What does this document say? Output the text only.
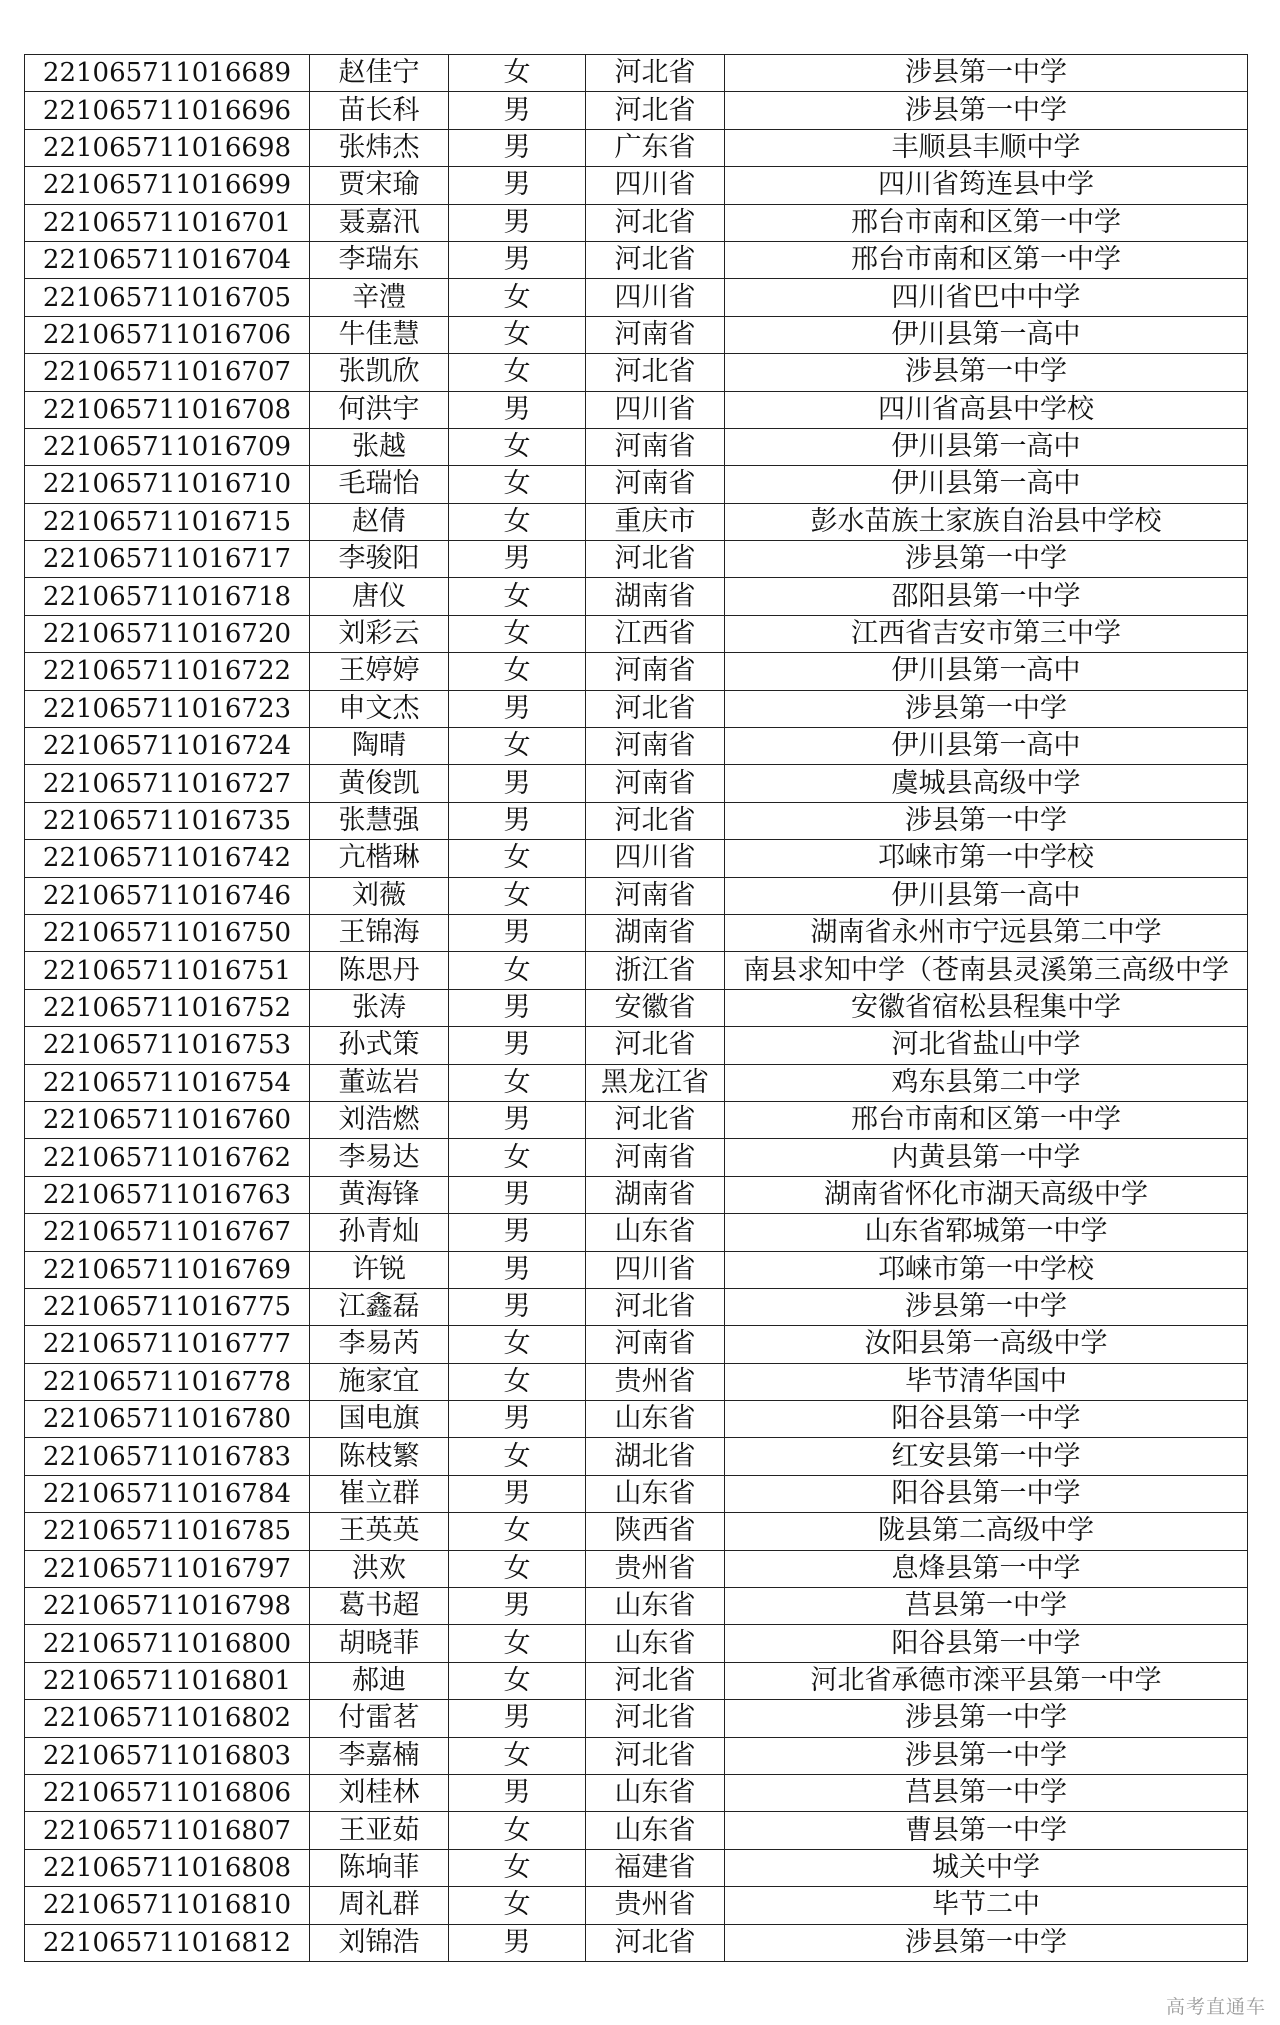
221065711016689	赵佳宁	女	河北省	涉县第一中学
221065711016696	苗长科	男	河北省	涉县第一中学
221065711016698	张炜杰	男	广东省	丰顺县丰顺中学
221065711016699	贾宋瑜	男	四川省	四川省筠连县中学
221065711016701	聂嘉汛	男	河北省	邢台市南和区第一中学
221065711016704	李瑞东	男	河北省	邢台市南和区第一中学
221065711016705	辛澧	女	四川省	四川省巴中中学
221065711016706	牛佳慧	女	河南省	伊川县第一高中
221065711016707	张凯欣	女	河北省	涉县第一中学
221065711016708	何洪宇	男	四川省	四川省高县中学校
221065711016709	张越	女	河南省	伊川县第一高中
221065711016710	毛瑞怡	女	河南省	伊川县第一高中
221065711016715	赵倩	女	重庆市	彭水苗族土家族自治县中学校
221065711016717	李骏阳	男	河北省	涉县第一中学
221065711016718	唐仪	女	湖南省	邵阳县第一中学
221065711016720	刘彩云	女	江西省	江西省吉安市第三中学
221065711016722	王婷婷	女	河南省	伊川县第一高中
221065711016723	申文杰	男	河北省	涉县第一中学
221065711016724	陶晴	女	河南省	伊川县第一高中
221065711016727	黄俊凯	男	河南省	虞城县高级中学
221065711016735	张慧强	男	河北省	涉县第一中学
221065711016742	亢楷琳	女	四川省	邛崃市第一中学校
221065711016746	刘薇	女	河南省	伊川县第一高中
221065711016750	王锦海	男	湖南省	湖南省永州市宁远县第二中学
221065711016751	陈思丹	女	浙江省	南县求知中学（苍南县灵溪第三高级中学
221065711016752	张涛	男	安徽省	安徽省宿松县程集中学
221065711016753	孙式策	男	河北省	河北省盐山中学
221065711016754	董竑岩	女	黑龙江省	鸡东县第二中学
221065711016760	刘浩燃	男	河北省	邢台市南和区第一中学
221065711016762	李易达	女	河南省	内黄县第一中学
221065711016763	黄海锋	男	湖南省	湖南省怀化市湖天高级中学
221065711016767	孙青灿	男	山东省	山东省郓城第一中学
221065711016769	许锐	男	四川省	邛崃市第一中学校
221065711016775	江鑫磊	男	河北省	涉县第一中学
221065711016777	李易芮	女	河南省	汝阳县第一高级中学
221065711016778	施家宜	女	贵州省	毕节清华国中
221065711016780	国电旗	男	山东省	阳谷县第一中学
221065711016783	陈枝繁	女	湖北省	红安县第一中学
221065711016784	崔立群	男	山东省	阳谷县第一中学
221065711016785	王英英	女	陕西省	陇县第二高级中学
221065711016797	洪欢	女	贵州省	息烽县第一中学
221065711016798	葛书超	男	山东省	莒县第一中学
221065711016800	胡晓菲	女	山东省	阳谷县第一中学
221065711016801	郝迪	女	河北省	河北省承德市滦平县第一中学
221065711016802	付雷茗	男	河北省	涉县第一中学
221065711016803	李嘉楠	女	河北省	涉县第一中学
221065711016806	刘桂林	男	山东省	莒县第一中学
221065711016807	王亚茹	女	山东省	曹县第一中学
221065711016808	陈垧菲	女	福建省	城关中学
221065711016810	周礼群	女	贵州省	毕节二中
221065711016812	刘锦浩	男	河北省	涉县第一中学
高考直通车
